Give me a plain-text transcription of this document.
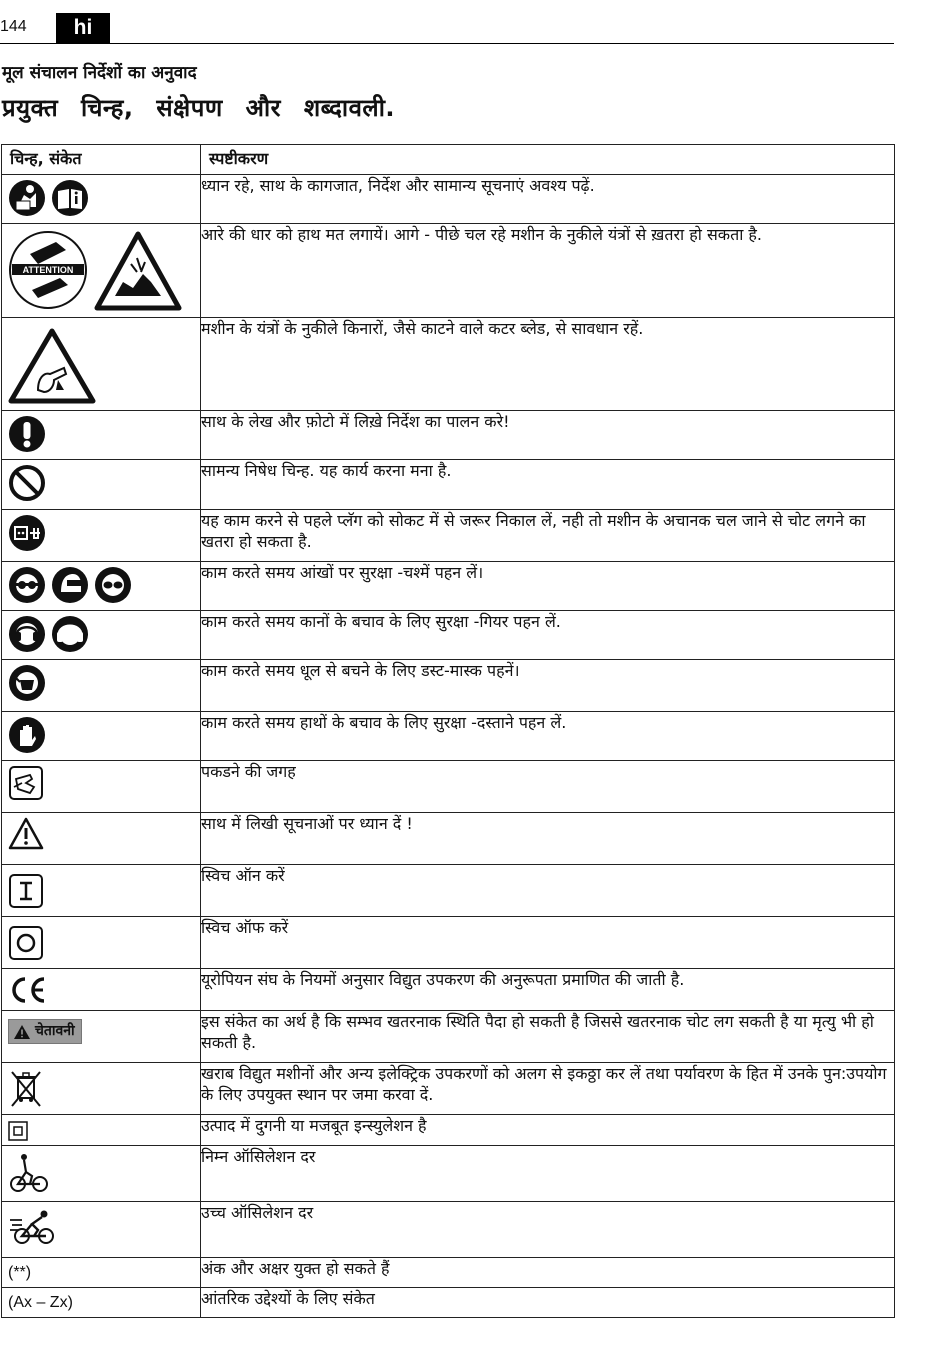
144	hi
मूल संचालन निर्देशों का अनुवाद
प्रयुक्त चिन्ह, संक्षेपण और शब्दावली.
चिन्ह, संकेत	स्पष्टीकरण

	ध्यान रहे, साथ के कागजात, निर्देश और सामान्य सूचनाएं अवश्य पढ़ें.

ATTENTION	आरे की धार को हाथ मत लगायें। आगे - पीछे चल रहे मशीन के नुकीले यंत्रों से ख़तरा हो सकता है.

	मशीन के यंत्रों के नुकीले किनारों, जैसे काटने वाले कटर ब्लेड, से सावधान रहें.

	साथ के लेख और फ़ोटो में लिख़े निर्देश का पालन करे!

	सामन्य निषेध चिन्ह. यह कार्य करना मना है.

	यह काम करने से पहले प्लॅग को सोकट में से जरूर निकाल लें, नही तो मशीन के अचानक चल जाने से चोट लगने का खतरा हो सकता है.

	काम करते समय आंखों पर सुरक्षा -चश्में पहन लें।

	काम करते समय कानों के बचाव के लिए सुरक्षा -गियर पहन लें.

	काम करते समय धूल से बचने के लिए डस्ट-मास्क पहनें।

	काम करते समय हाथों के बचाव के लिए सुरक्षा -दस्ताने पहन लें.

	पकडने की जगह

	साथ में लिखी सूचनाओं पर ध्यान दें !

	स्विच ऑन करें

	स्विच ऑफ करें

	यूरोपियन संघ के नियमों अनुसार विद्युत उपकरण की अनुरूपता प्रमाणित की जाती है.

चेतावनी	इस संकेत का अर्थ है कि सम्भव खतरनाक स्थिति पैदा हो सकती है जिससे खतरनाक चोट लग सकती है या मृत्यु भी हो सकती है.

	खराब विद्युत मशीनों और अन्य इलेक्ट्रिक उपकरणों को अलग से इकठ्ठा कर लें तथा पर्यावरण के हित में उनके पुन:उपयोग के लिए उपयुक्त स्थान पर जमा करवा दें.

	उत्पाद में दुगनी या मजबूत इन्स्युलेशन है

	निम्न ऑसिलेशन दर

	उच्च ऑसिलेशन दर

(**)	अंक और अक्षर युक्त हो सकते हैं

(Ax – Zx)	आंतरिक उद्देश्यों के लिए संकेत
